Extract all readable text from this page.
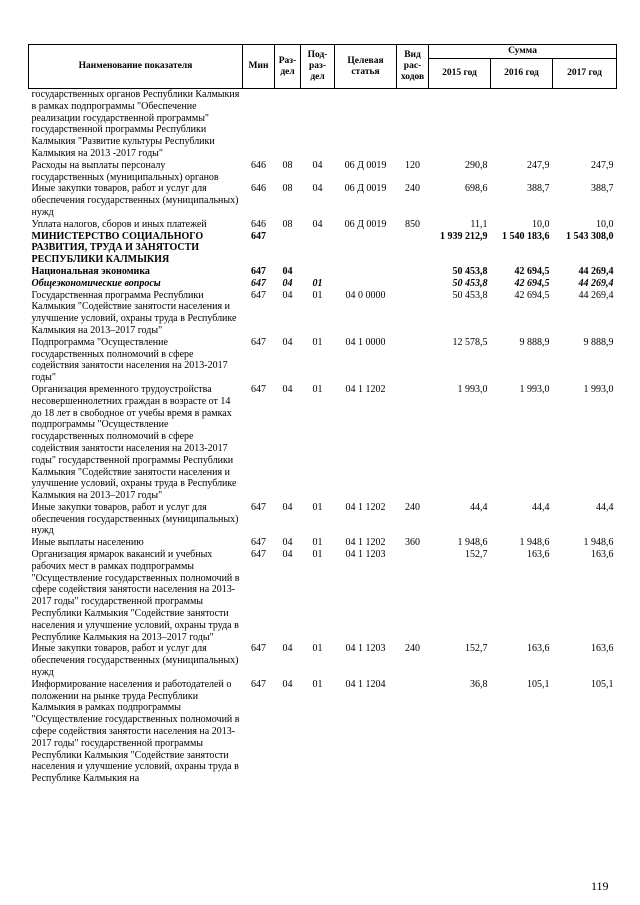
Наименование показателя	Мин	Раз-дел	Под-раз-дел	Целевая статья	Вид рас-ходов	Сумма		
						2015 год	2016 год	2017 год
государственных органов Республики Калмыкия в рамках подпрограммы "Обеспечение реализации государственной программы" государственной программы Республики Калмыкия "Развитие культуры Республики Калмыкия на 2013 -2017 годы"								
Расходы на выплаты персоналу государственных (муниципальных) органов	646	08	04	06 Д 0019	120	290,8	247,9	247,9
Иные закупки товаров, работ и услуг для обеспечения государственных (муниципальных) нужд	646	08	04	06 Д 0019	240	698,6	388,7	388,7
Уплата налогов, сборов и иных платежей	646	08	04	06 Д 0019	850	11,1	10,0	10,0
МИНИСТЕРСТВО СОЦИАЛЬНОГО РАЗВИТИЯ, ТРУДА И ЗАНЯТОСТИ РЕСПУБЛИКИ КАЛМЫКИЯ	647					1 939 212,9	1 540 183,6	1 543 308,0
Национальная экономика	647	04				50 453,8	42 694,5	44 269,4
Общеэкономические вопросы	647	04	01			50 453,8	42 694,5	44 269,4
Государственная программа Республики Калмыкия "Содействие занятости населения и улучшение условий, охраны труда в Республике Калмыкия на 2013–2017 годы"	647	04	01	04 0 0000		50 453,8	42 694,5	44 269,4
Подпрограмма "Осуществление государственных полномочий в сфере содействия занятости населения на 2013-2017 годы"	647	04	01	04 1 0000		12 578,5	9 888,9	9 888,9
Организация временного трудоустройства несовершеннолетних граждан в возрасте от 14 до 18 лет в свободное от учебы время в рамках подпрограммы "Осуществление государственных полномочий в сфере содействия занятости населения на 2013-2017 годы" государственной программы Республики Калмыкия "Содействие занятости населения и улучшение условий, охраны труда в Республике Калмыкия на 2013–2017 годы"	647	04	01	04 1 1202		1 993,0	1 993,0	1 993,0
Иные закупки товаров, работ и услуг для обеспечения государственных (муниципальных) нужд	647	04	01	04 1 1202	240	44,4	44,4	44,4
Иные выплаты населению	647	04	01	04 1 1202	360	1 948,6	1 948,6	1 948,6
Организация ярмарок вакансий и учебных рабочих мест в рамках подпрограммы "Осуществление государственных полномочий в сфере содействия занятости населения на 2013-2017 годы" государственной программы Республики Калмыкия "Содействие занятости населения и улучшение условий, охраны труда в Республике Калмыкия на 2013–2017 годы"	647	04	01	04 1 1203		152,7	163,6	163,6
Иные закупки товаров, работ и услуг для обеспечения государственных (муниципальных) нужд	647	04	01	04 1 1203	240	152,7	163,6	163,6
Информирование населения и работодателей о положении на рынке труда Республики Калмыкия в рамках подпрограммы "Осуществление государственных полномочий в сфере содействия занятости населения на 2013-2017 годы" государственной программы Республики Калмыкия "Содействие занятости населения и улучшение условий, охраны труда в Республике Калмыкия на	647	04	01	04 1 1204		36,8	105,1	105,1
119
